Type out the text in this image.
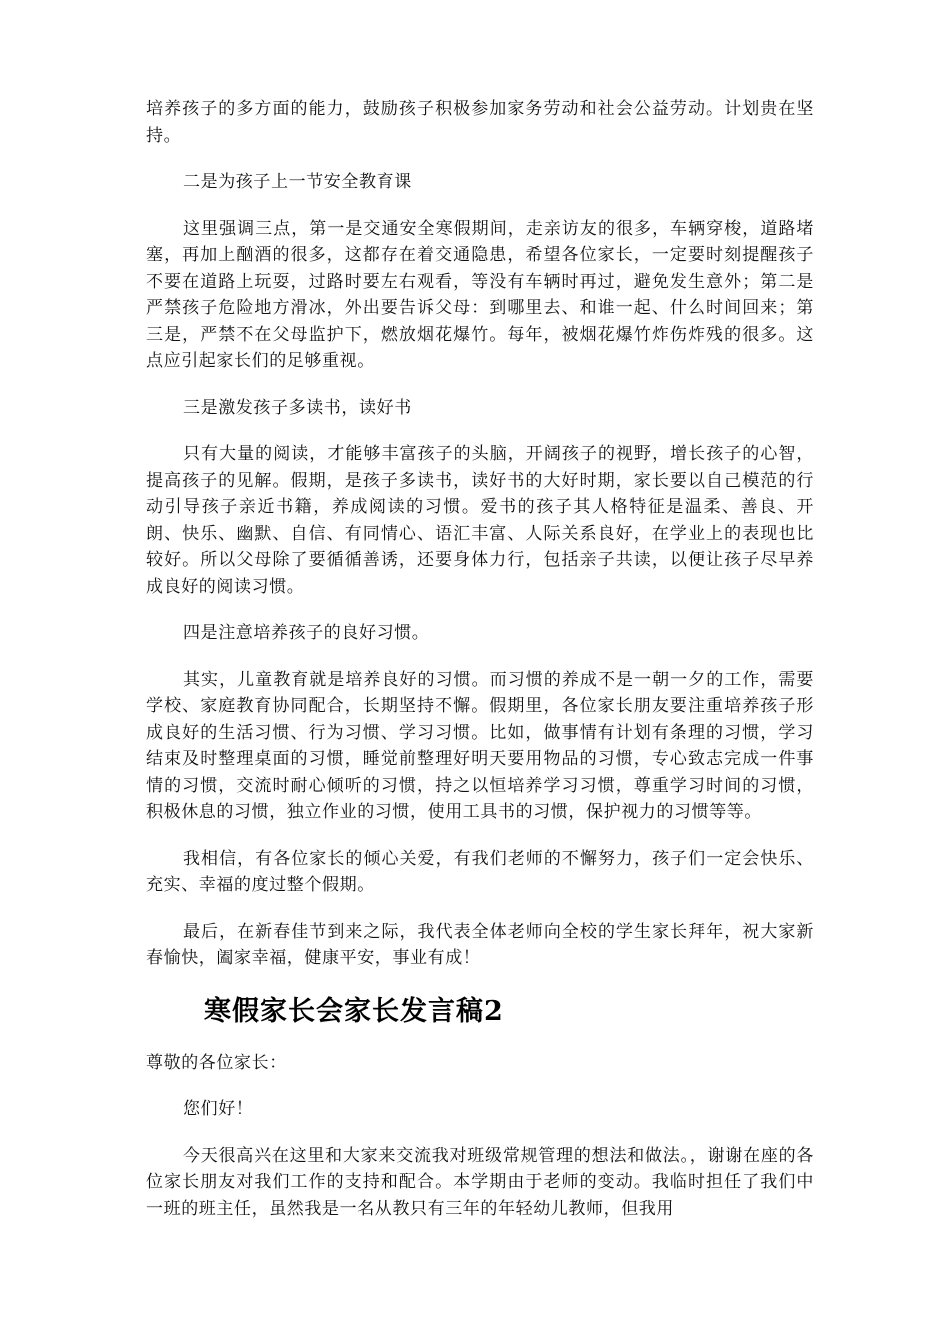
培养孩子的多方面的能力，鼓励孩子积极参加家务劳动和社会公益劳动。计划贵在坚持。

二是为孩子上一节安全教育课

这里强调三点，第一是交通安全寒假期间，走亲访友的很多，车辆穿梭，道路堵塞，再加上酗酒的很多，这都存在着交通隐患，希望各位家长，一定要时刻提醒孩子不要在道路上玩耍，过路时要左右观看，等没有车辆时再过，避免发生意外；第二是严禁孩子危险地方滑冰，外出要告诉父母：到哪里去、和谁一起、什么时间回来；第三是，严禁不在父母监护下，燃放烟花爆竹。每年，被烟花爆竹炸伤炸残的很多。这点应引起家长们的足够重视。

三是激发孩子多读书，读好书

只有大量的阅读，才能够丰富孩子的头脑，开阔孩子的视野，增长孩子的心智，提高孩子的见解。假期，是孩子多读书，读好书的大好时期，家长要以自己模范的行动引导孩子亲近书籍，养成阅读的习惯。爱书的孩子其人格特征是温柔、善良、开朗、快乐、幽默、自信、有同情心、语汇丰富、人际关系良好，在学业上的表现也比较好。所以父母除了要循循善诱，还要身体力行，包括亲子共读，以便让孩子尽早养成良好的阅读习惯。

四是注意培养孩子的良好习惯。

其实，儿童教育就是培养良好的习惯。而习惯的养成不是一朝一夕的工作，需要学校、家庭教育协同配合，长期坚持不懈。假期里，各位家长朋友要注重培养孩子形成良好的生活习惯、行为习惯、学习习惯。比如，做事情有计划有条理的习惯，学习结束及时整理桌面的习惯，睡觉前整理好明天要用物品的习惯，专心致志完成一件事情的习惯，交流时耐心倾听的习惯，持之以恒培养学习习惯，尊重学习时间的习惯，积极休息的习惯，独立作业的习惯，使用工具书的习惯，保护视力的习惯等等。

我相信，有各位家长的倾心关爱，有我们老师的不懈努力，孩子们一定会快乐、充实、幸福的度过整个假期。

最后，在新春佳节到来之际，我代表全体老师向全校的学生家长拜年，祝大家新春愉快，阖家幸福，健康平安，事业有成！

寒假家长会家长发言稿2

尊敬的各位家长：

您们好！

今天很高兴在这里和大家来交流我对班级常规管理的想法和做法。，谢谢在座的各位家长朋友对我们工作的支持和配合。本学期由于老师的变动。我临时担任了我们中一班的班主任，虽然我是一名从教只有三年的年轻幼儿教师，但我用
